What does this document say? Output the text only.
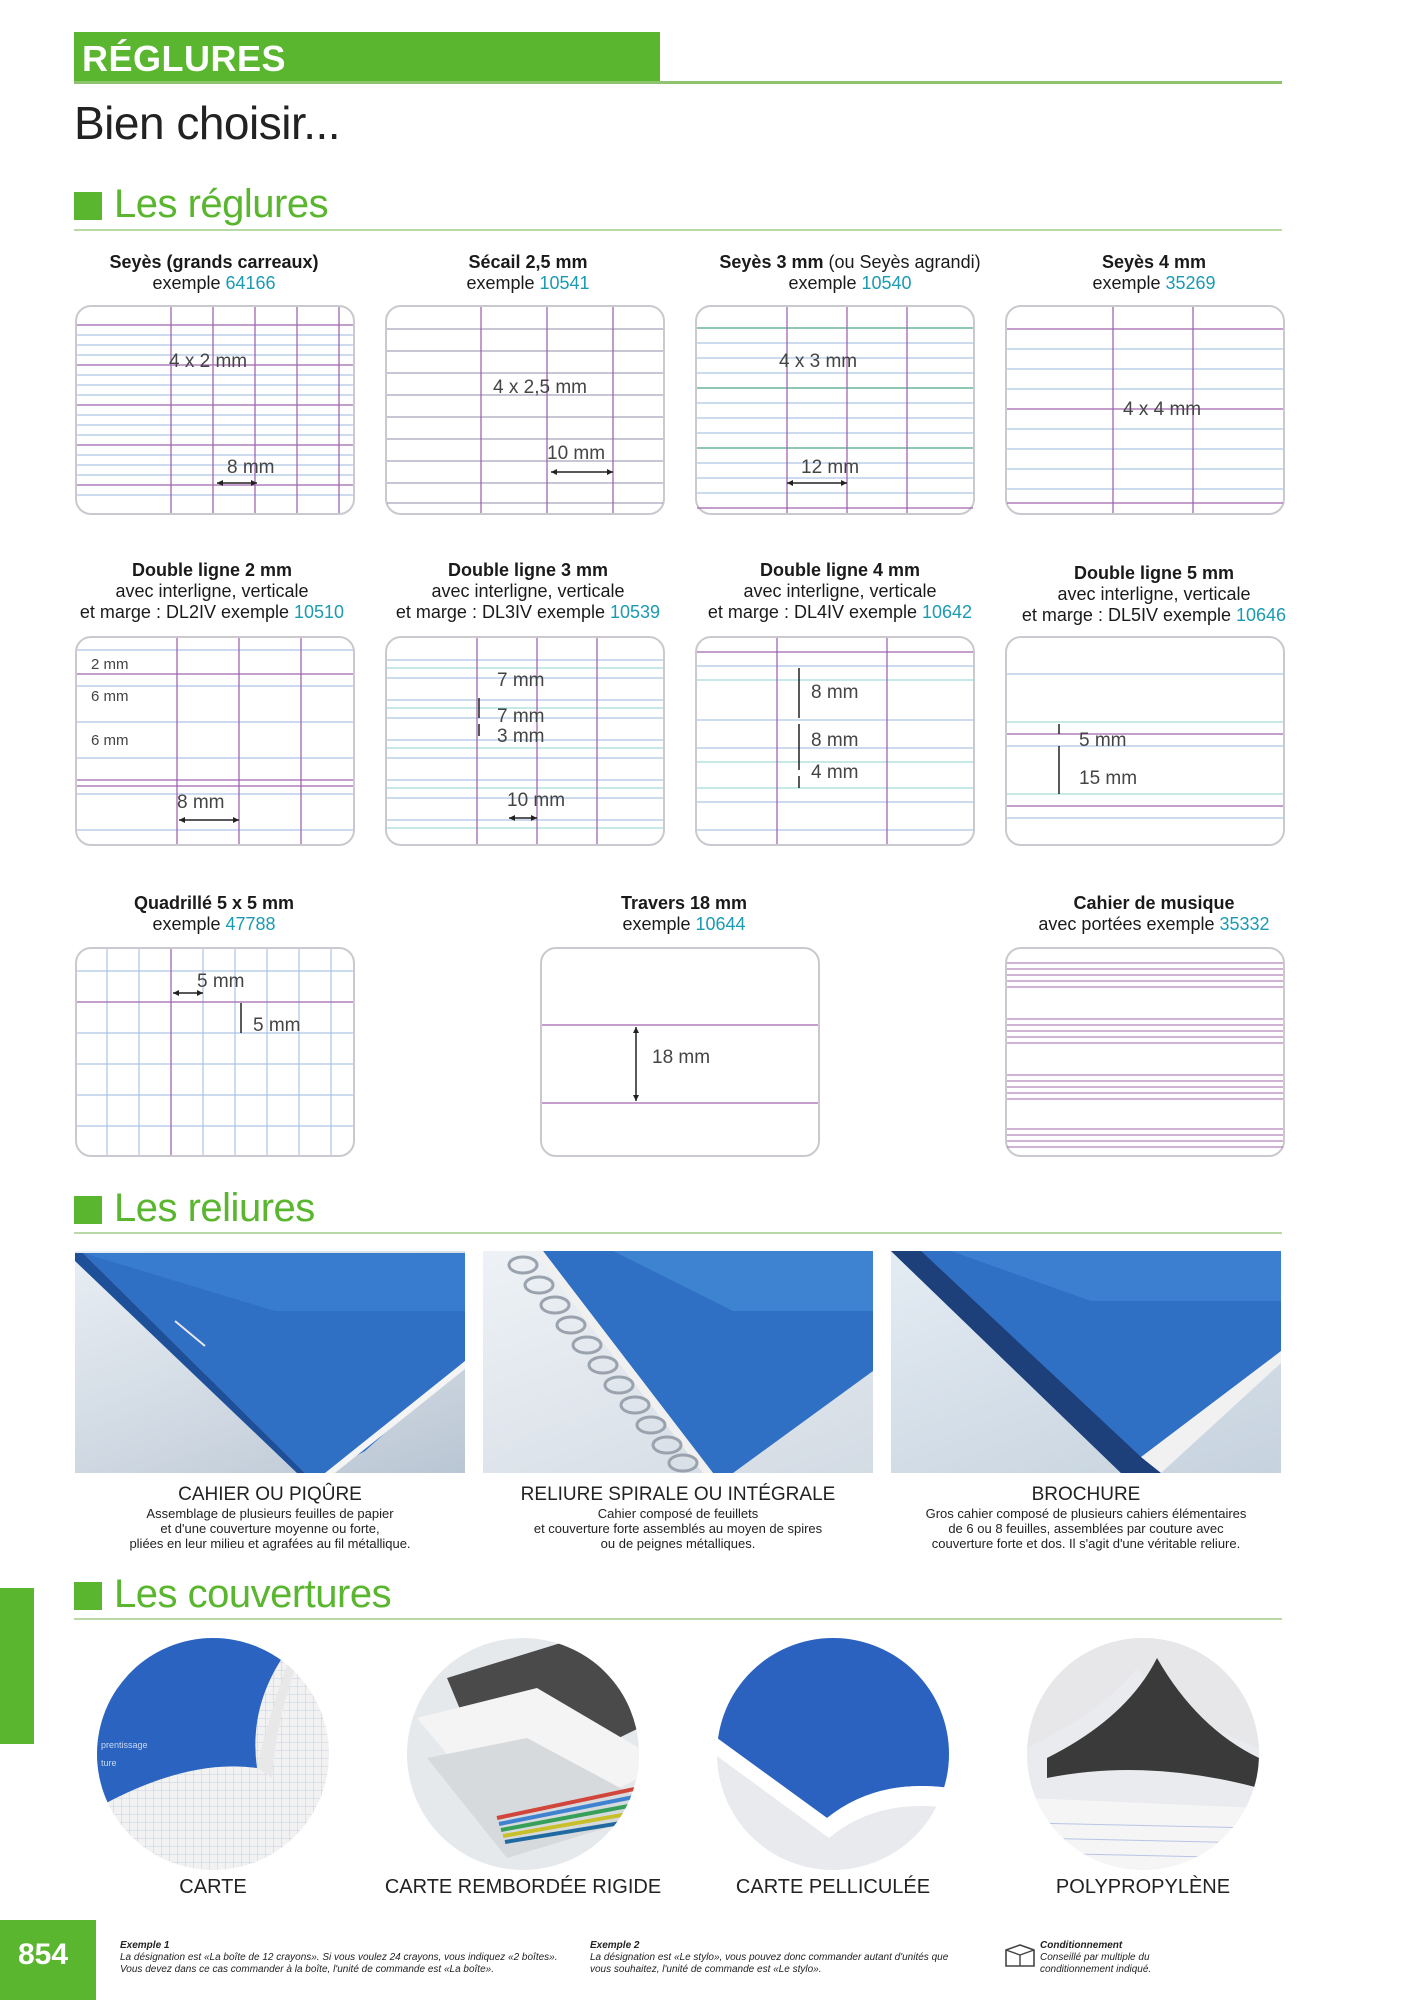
RÉGLURES
Bien choisir...
Les réglures
Seyès (grands carreaux)
exemple 64166
Sécail 2,5 mm
exemple 10541
Seyès 3 mm (ou Seyès agrandi)
exemple 10540
Seyès 4 mm
exemple 35269
4 x 2 mm
8 mm
4 x 2,5 mm
10 mm
4 x 3 mm
12 mm
4 x 4 mm
Double ligne 2 mm
avec interligne, verticale
et marge : DL2IV exemple 10510
Double ligne 3 mm
avec interligne, verticale
et marge : DL3IV exemple 10539
Double ligne 4 mm
avec interligne, verticale
et marge : DL4IV exemple 10642
Double ligne 5 mm
avec interligne, verticale
et marge : DL5IV exemple 10646
2 mm
6 mm
6 mm
8 mm
7 mm
7 mm
3 mm
10 mm
8 mm
8 mm
4 mm
5 mm
15 mm
Quadrillé 5 x 5 mm
exemple 47788
Travers 18 mm
exemple 10644
Cahier de musique
avec portées exemple 35332
5 mm
5 mm
18 mm
Les reliures
CAHIER OU PIQÛRE
Assemblage de plusieurs feuilles de papier
et d'une couverture moyenne ou forte,
pliées en leur milieu et agrafées au fil métallique.
RELIURE SPIRALE OU INTÉGRALE
Cahier composé de feuillets
et couverture forte assemblés au moyen de spires
ou de peignes métalliques.
BROCHURE
Gros cahier composé de plusieurs cahiers élémentaires
de 6 ou 8 feuilles, assemblées par couture avec
couverture forte et dos. Il s'agit d'une véritable reliure.
Les couvertures
prentissage
ture
CARTE	CARTE REMBORDÉE RIGIDE	CARTE PELLICULÉE	POLYPROPYLÈNE
854	Exemple 1
La désignation est «La boîte de 12 crayons». Si vous voulez 24 crayons, vous indiquez «2 boîtes».
Vous devez dans ce cas commander à la boîte, l'unité de commande est «La boîte».
Exemple 2
La désignation est «Le stylo», vous pouvez donc commander autant d'unités que
vous souhaitez, l'unité de commande est «Le stylo».
Conditionnement
Conseillé par multiple du
conditionnement indiqué.
